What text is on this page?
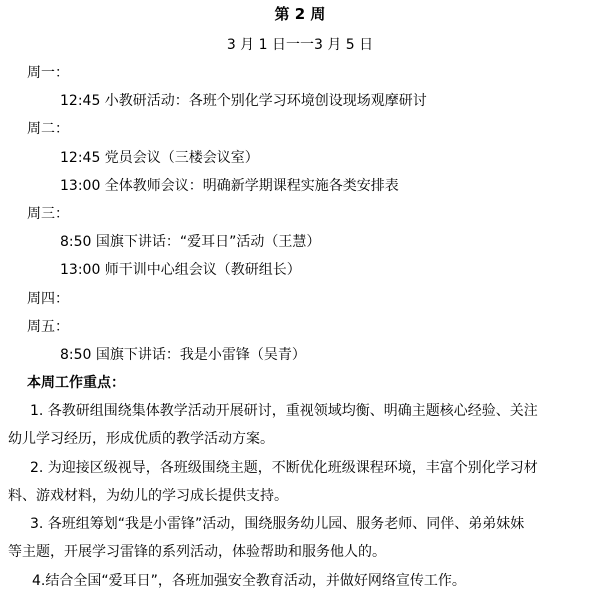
第 2 周
3 月 1 日一一3 月 5 日
周一：
12:45 小教研活动：各班个别化学习环境创设现场观摩研讨
周二：
12:45 党员会议（三楼会议室）
13:00 全体教师会议：明确新学期课程实施各类安排表
周三：
8:50 国旗下讲话：“爱耳日”活动（王慧）
13:00 师干训中心组会议（教研组长）
周四：
周五：
8:50 国旗下讲话：我是小雷锋（吴青）
本周工作重点：
1. 各教研组围绕集体教学活动开展研讨，重视领域均衡、明确主题核心经验、关注
幼儿学习经历，形成优质的教学活动方案。
2. 为迎接区级视导，各班级围绕主题，不断优化班级课程环境，丰富个别化学习材
料、游戏材料，为幼儿的学习成长提供支持。
3. 各班组筹划“我是小雷锋”活动，围绕服务幼儿园、服务老师、同伴、弟弟妹妹
等主题，开展学习雷锋的系列活动，体验帮助和服务他人的。
4.结合全国“爱耳日”，各班加强安全教育活动，并做好网络宣传工作。
